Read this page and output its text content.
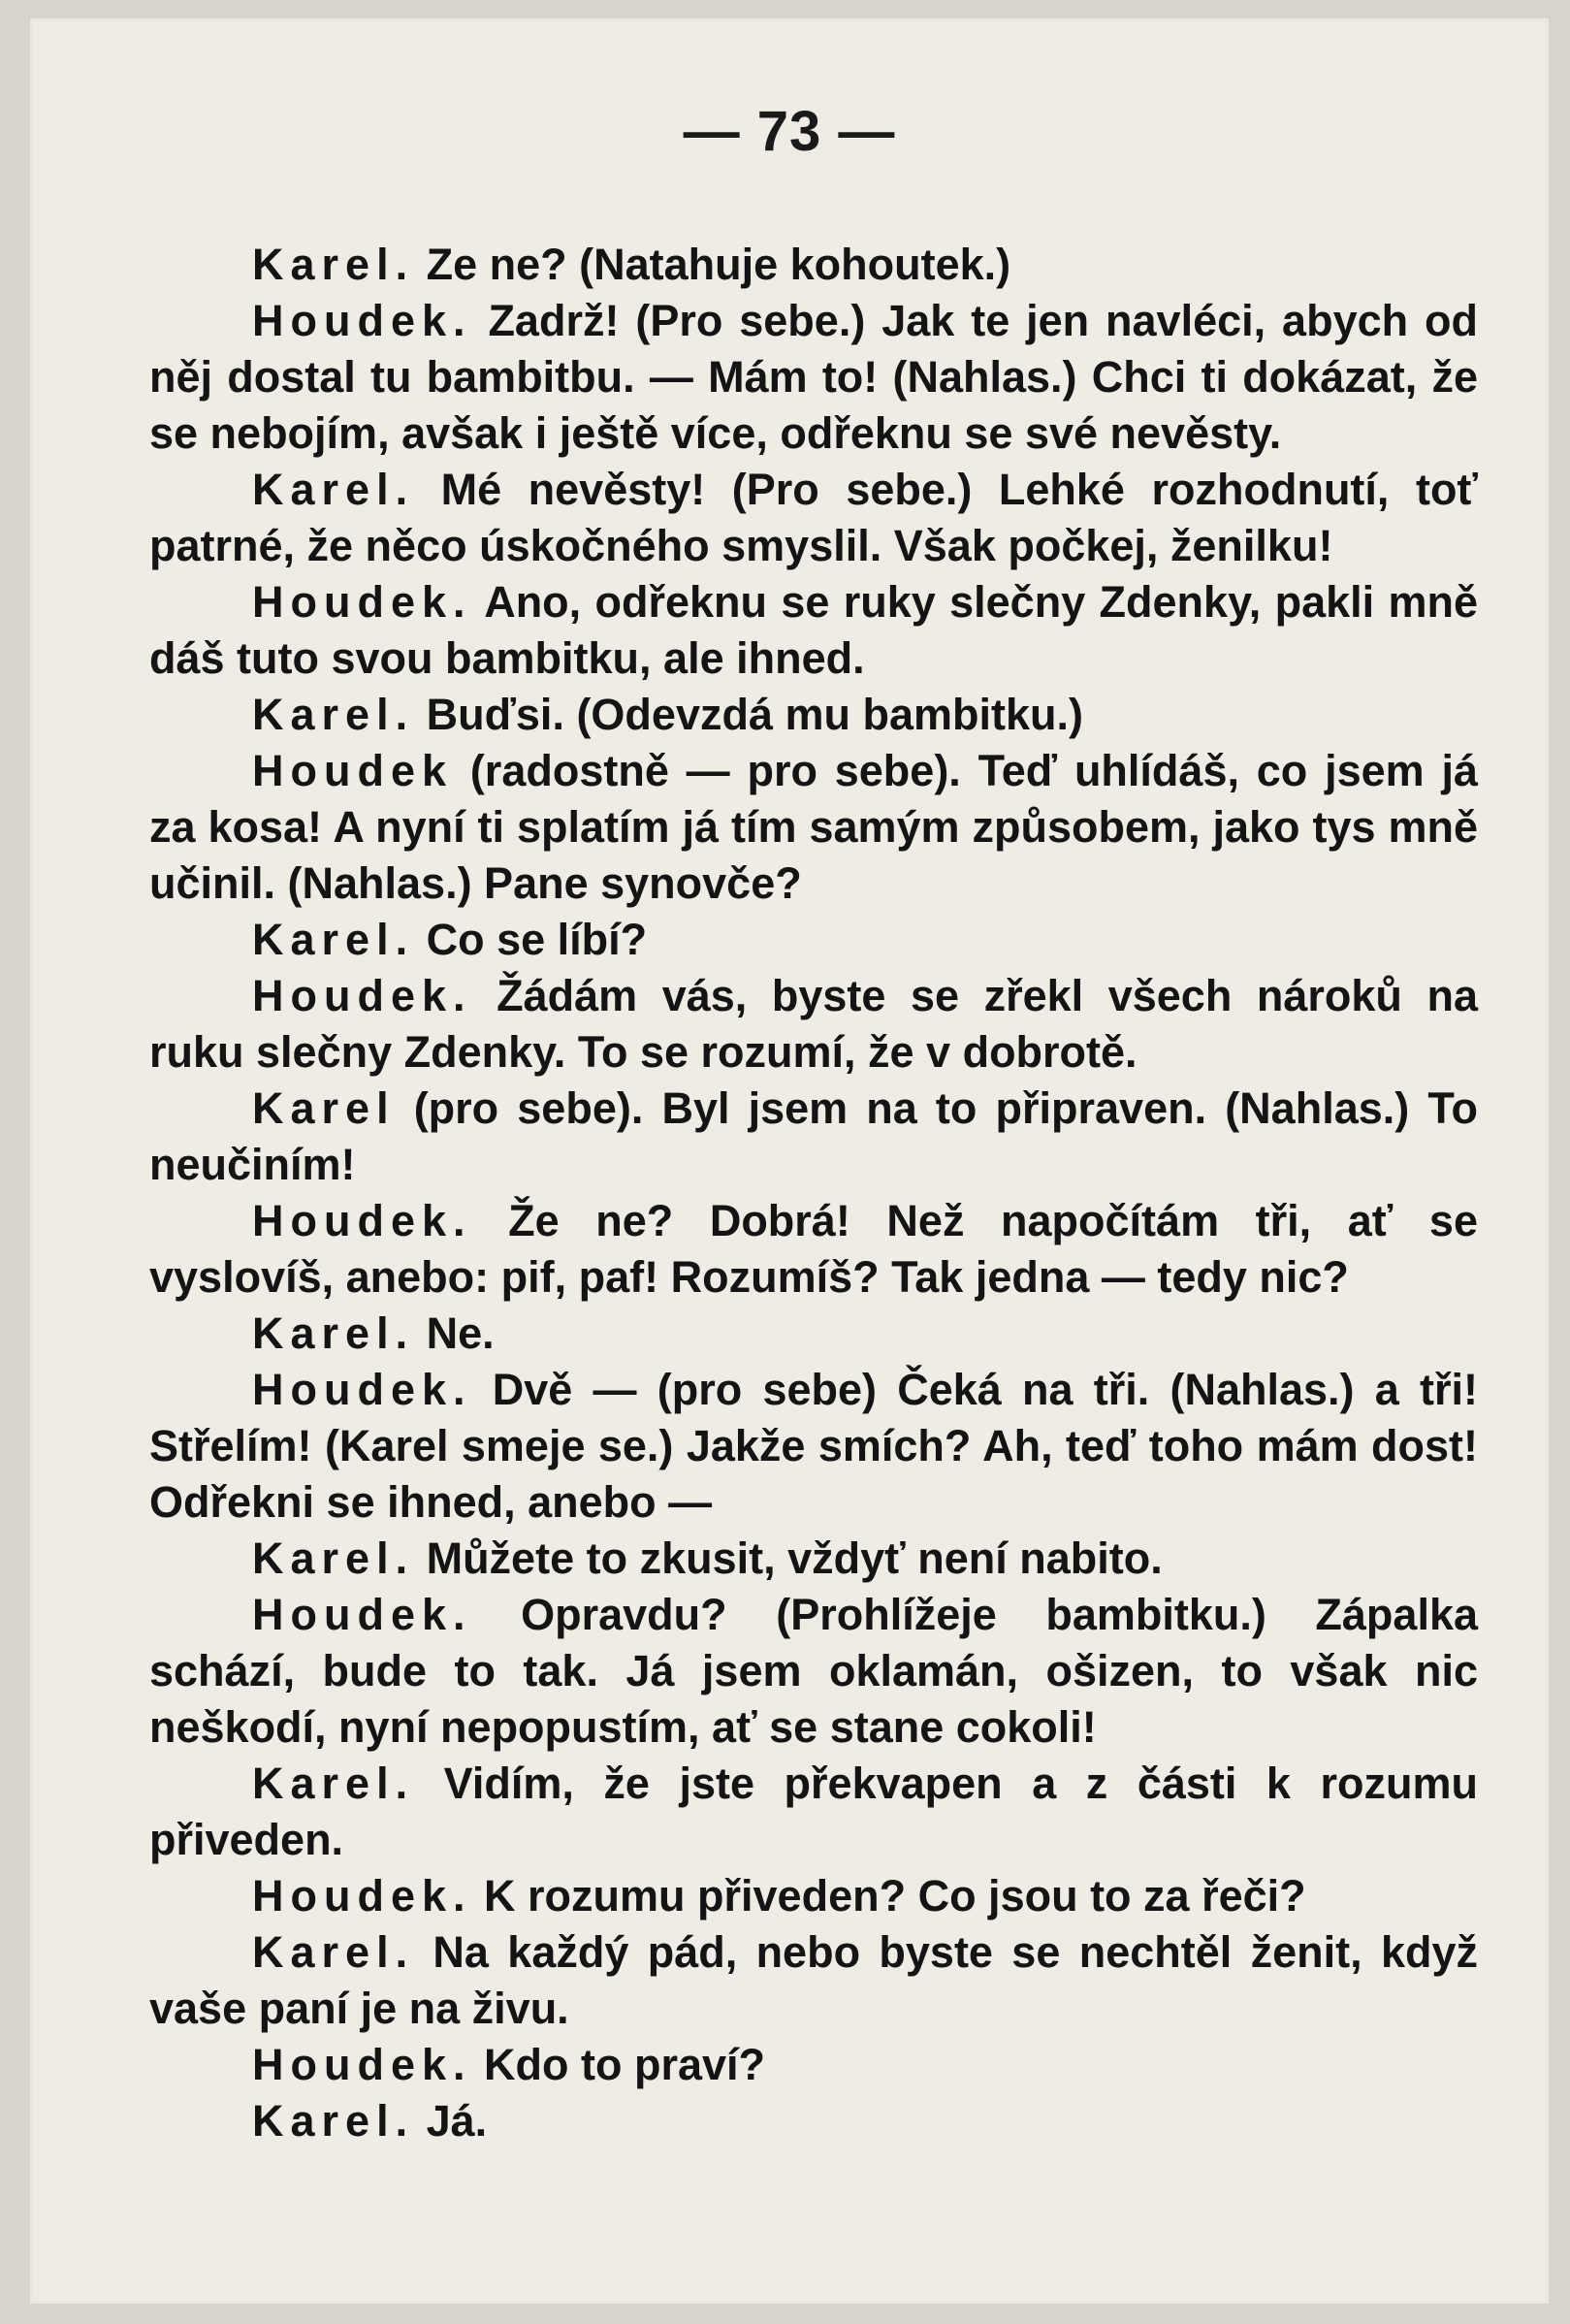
— 73 —

Karel. Ze ne? (Natahuje kohoutek.)

Houdek. Zadrž! (Pro sebe.) Jak te jen navléci, abych od něj dostal tu bambitbu. — Mám to! (Nahlas.) Chci ti dokázat, že se nebojím, avšak i ještě více, odřeknu se své nevěsty.

Karel. Mé nevěsty! (Pro sebe.) Lehké rozhodnutí, toť patrné, že něco úskočného smyslil. Však počkej, ženilku!

Houdek. Ano, odřeknu se ruky slečny Zdenky, pakli mně dáš tuto svou bambitku, ale ihned.

Karel. Buďsi. (Odevzdá mu bambitku.)

Houdek (radostně — pro sebe). Teď uhlídáš, co jsem já za kosa! A nyní ti splatím já tím samým způsobem, jako tys mně učinil. (Nahlas.) Pane synovče?

Karel. Co se líbí?

Houdek. Žádám vás, byste se zřekl všech nároků na ruku slečny Zdenky. To se rozumí, že v dobrotě.

Karel (pro sebe). Byl jsem na to připraven. (Nahlas.) To neučiním!

Houdek. Že ne? Dobrá! Než napočítám tři, ať se vyslovíš, anebo: pif, paf! Rozumíš? Tak jedna — tedy nic?

Karel. Ne.

Houdek. Dvě — (pro sebe) Čeká na tři. (Nahlas.) a tři! Střelím! (Karel smeje se.) Jakže smích? Ah, teď toho mám dost! Odřekni se ihned, anebo —

Karel. Můžete to zkusit, vždyť není nabito.

Houdek. Opravdu? (Prohlížeje bambitku.) Zápalka schází, bude to tak. Já jsem oklamán, ošizen, to však nic neškodí, nyní nepopustím, ať se stane cokoli!

Karel. Vidím, že jste překvapen a z části k rozumu přiveden.

Houdek. K rozumu přiveden? Co jsou to za řeči?

Karel. Na každý pád, nebo byste se nechtěl ženit, když vaše paní je na živu.

Houdek. Kdo to praví?

Karel. Já.
